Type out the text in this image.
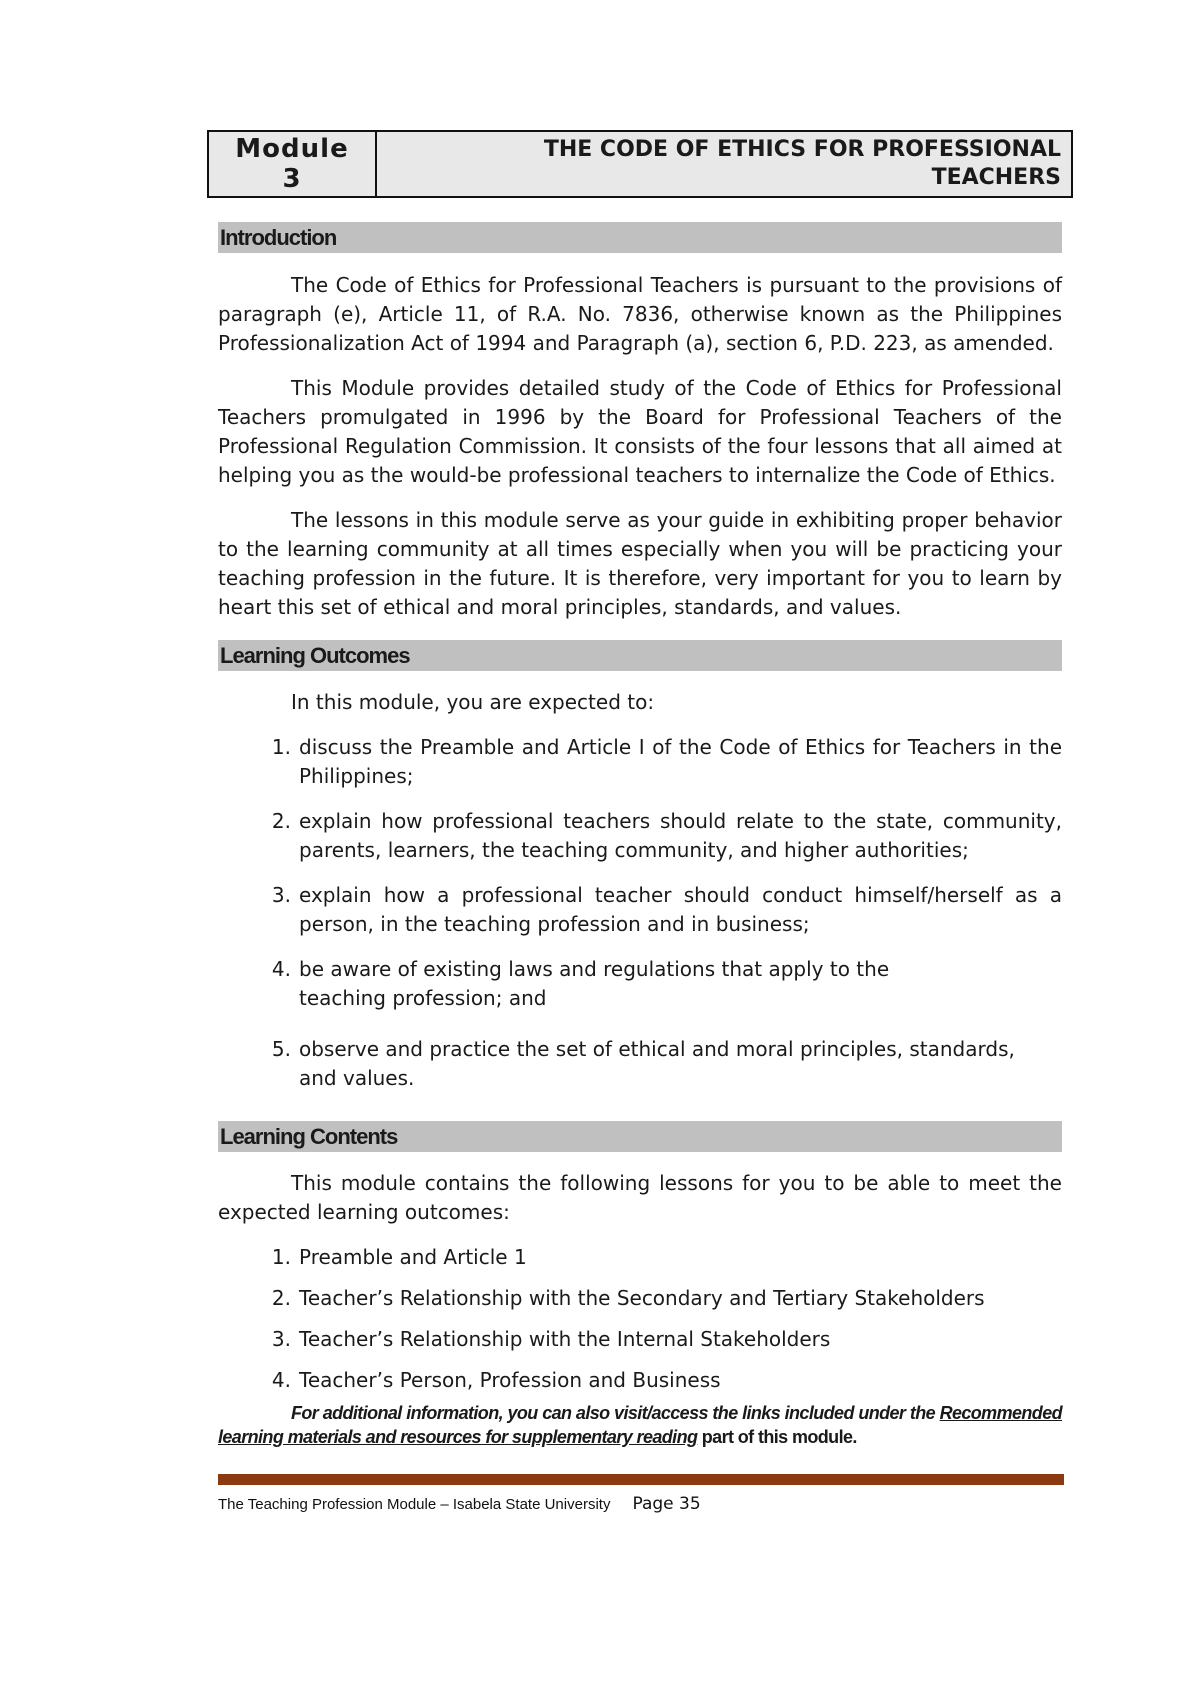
Module
3
THE CODE OF ETHICS FOR PROFESSIONAL
TEACHERS
Introduction

The Code of Ethics for Professional Teachers is pursuant to the provisions of paragraph (e), Article 11, of R.A. No. 7836, otherwise known as the Philippines Professionalization Act of 1994 and Paragraph (a), section 6, P.D. 223, as amended.

This Module provides detailed study of the Code of Ethics for Professional Teachers promulgated in 1996 by the Board for Professional Teachers of the Professional Regulation Commission. It consists of the four lessons that all aimed at helping you as the would-be professional teachers to internalize the Code of Ethics.

The lessons in this module serve as your guide in exhibiting proper behavior to the learning community at all times especially when you will be practicing your teaching profession in the future. It is therefore, very important for you to learn by heart this set of ethical and moral principles, standards, and values.

Learning Outcomes

In this module, you are expected to:

1. discuss the Preamble and Article I of the Code of Ethics for Teachers in the Philippines;
2. explain how professional teachers should relate to the state, community, parents, learners, the teaching community, and higher authorities;
3. explain how a professional teacher should conduct himself/herself as a person, in the teaching profession and in business;
4. be aware of existing laws and regulations that apply to the teaching profession; and
5. observe and practice the set of ethical and moral principles, standards, and values.
Learning Contents

This module contains the following lessons for you to be able to meet the expected learning outcomes:

1. Preamble and Article 1
2. Teacher’s Relationship with the Secondary and Tertiary Stakeholders
3. Teacher’s Relationship with the Internal Stakeholders
4. Teacher’s Person, Profession and Business
For additional information, you can also visit/access the links included under the Recommended learning materials and resources for supplementary reading part of this module.
The Teaching Profession Module – Isabela State University Page 35
